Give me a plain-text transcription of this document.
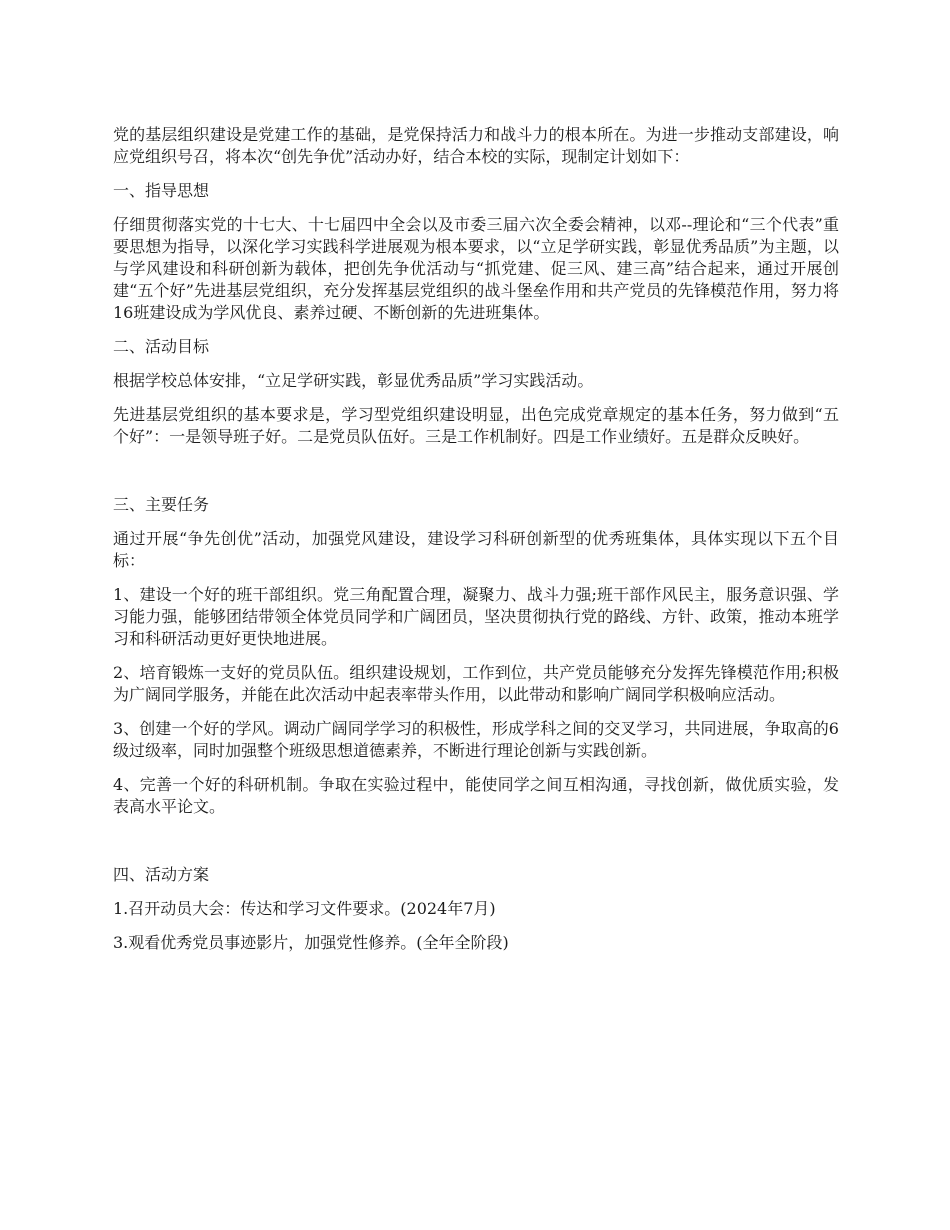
党的基层组织建设是党建工作的基础，是党保持活力和战斗力的根本所在。为进一步推动支部建设，响应党组织号召，将本次“创先争优”活动办好，结合本校的实际，现制定计划如下：

一、指导思想

仔细贯彻落实党的十七大、十七届四中全会以及市委三届六次全委会精神，以邓--理论和“三个代表”重要思想为指导，以深化学习实践科学进展观为根本要求，以“立足学研实践，彰显优秀品质”为主题，以与学风建设和科研创新为载体，把创先争优活动与“抓党建、促三风、建三高”结合起来，通过开展创建“五个好”先进基层党组织，充分发挥基层党组织的战斗堡垒作用和共产党员的先锋模范作用，努力将16班建设成为学风优良、素养过硬、不断创新的先进班集体。

二、活动目标

根据学校总体安排，“立足学研实践，彰显优秀品质”学习实践活动。

先进基层党组织的基本要求是，学习型党组织建设明显，出色完成党章规定的基本任务，努力做到“五个好”：一是领导班子好。二是党员队伍好。三是工作机制好。四是工作业绩好。五是群众反映好。

三、主要任务

通过开展“争先创优”活动，加强党风建设，建设学习科研创新型的优秀班集体，具体实现以下五个目标：

1、建设一个好的班干部组织。党三角配置合理，凝聚力、战斗力强;班干部作风民主，服务意识强、学习能力强，能够团结带领全体党员同学和广阔团员，坚决贯彻执行党的路线、方针、政策，推动本班学习和科研活动更好更快地进展。

2、培育锻炼一支好的党员队伍。组织建设规划，工作到位，共产党员能够充分发挥先锋模范作用;积极为广阔同学服务，并能在此次活动中起表率带头作用，以此带动和影响广阔同学积极响应活动。

3、创建一个好的学风。调动广阔同学学习的积极性，形成学科之间的交叉学习，共同进展，争取高的6级过级率，同时加强整个班级思想道德素养，不断进行理论创新与实践创新。

4、完善一个好的科研机制。争取在实验过程中，能使同学之间互相沟通，寻找创新，做优质实验，发表高水平论文。

四、活动方案

1.召开动员大会：传达和学习文件要求。(2024年7月)

3.观看优秀党员事迹影片，加强党性修养。(全年全阶段)
